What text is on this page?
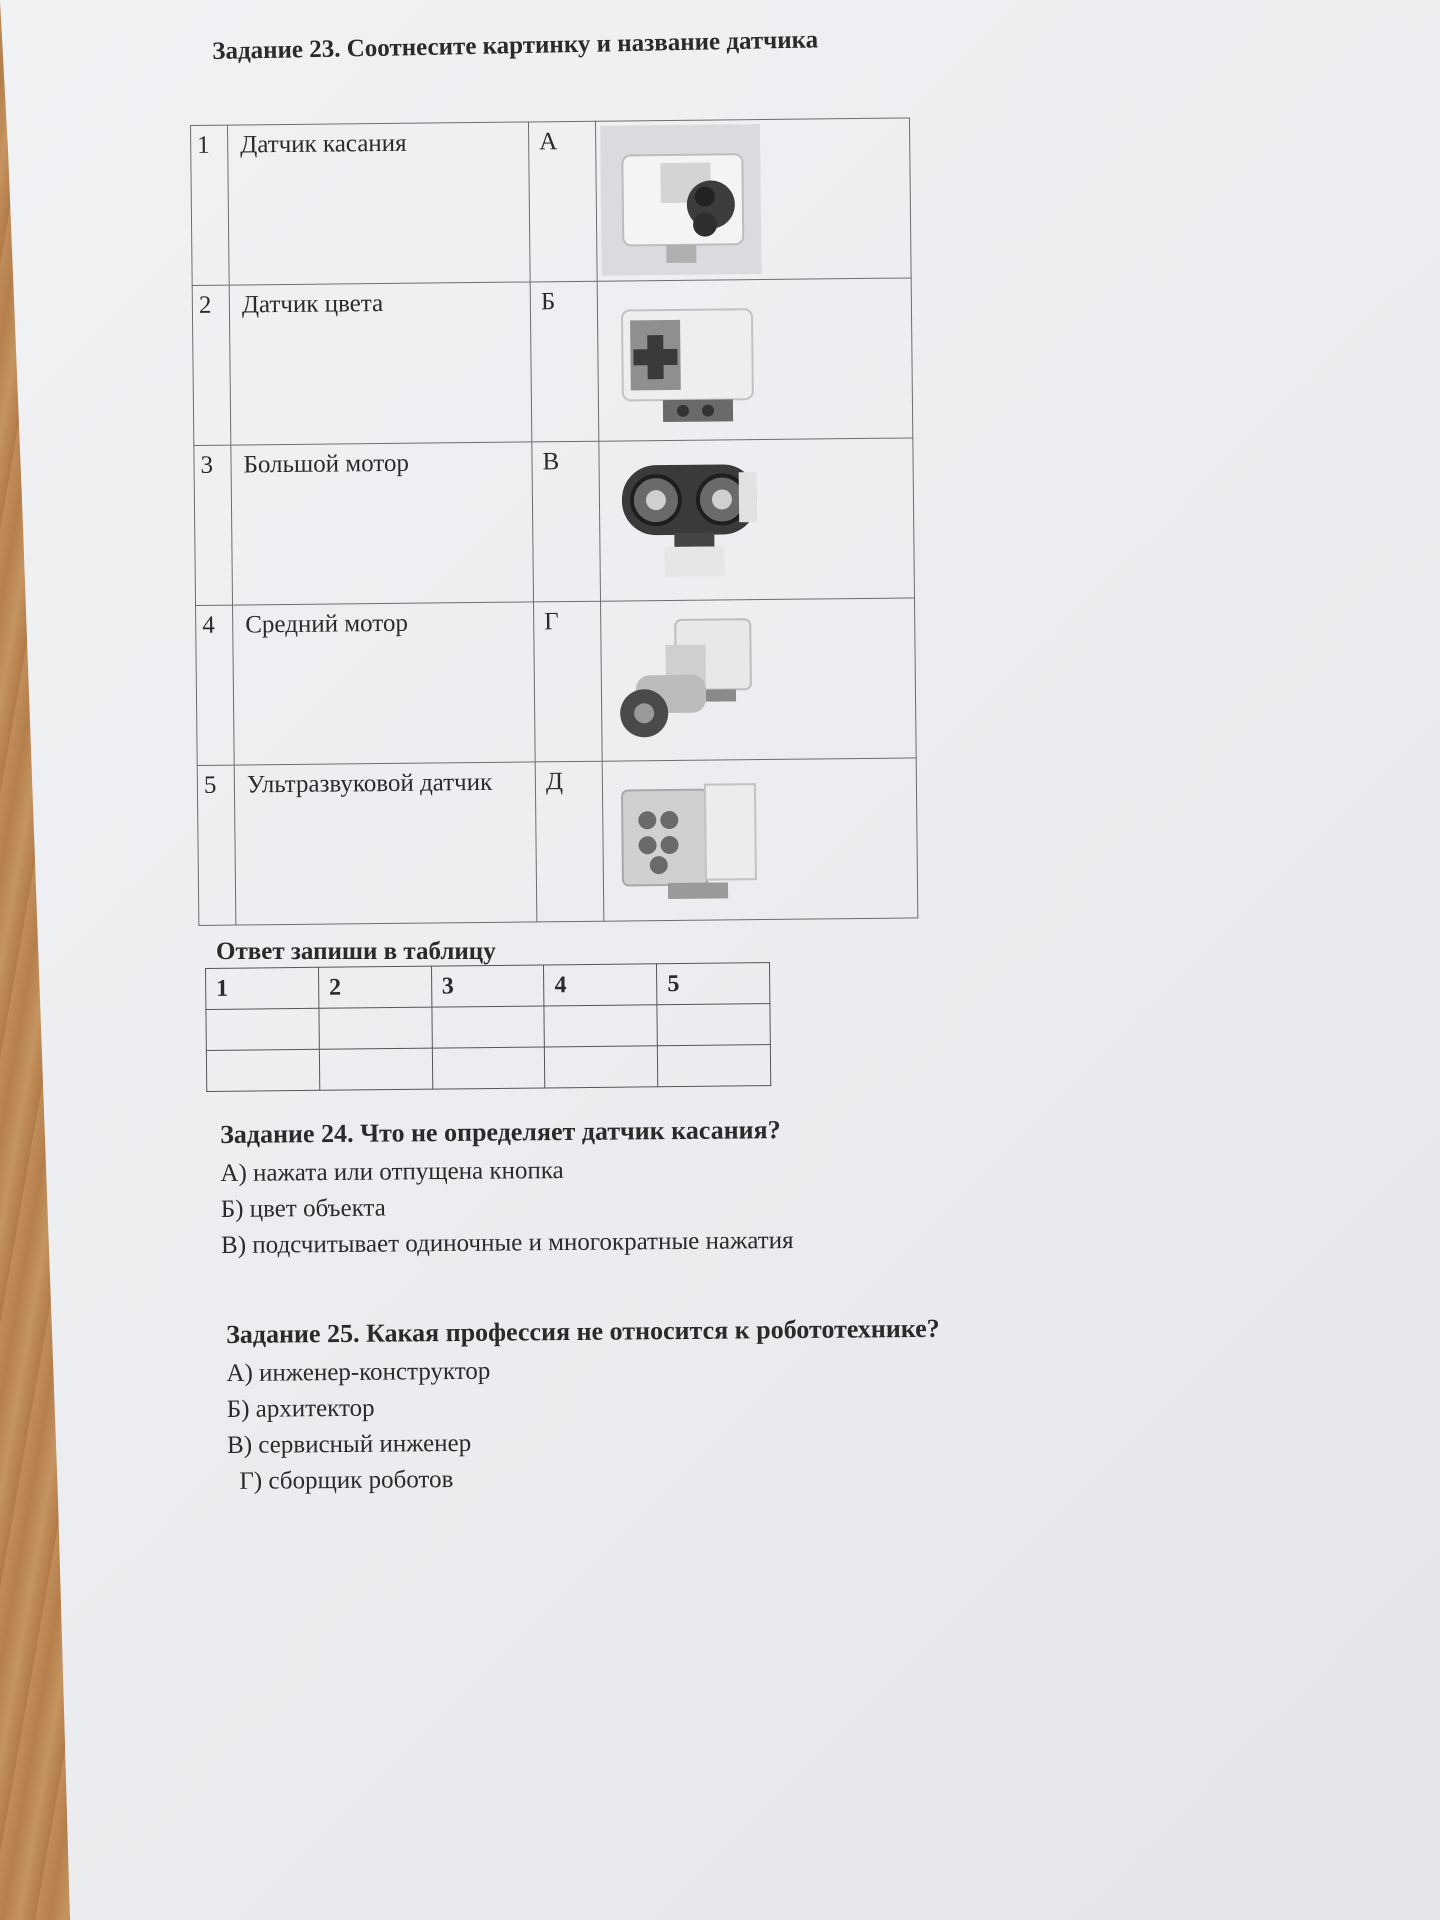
Задание 23. Соотнесите картинку и название датчика
1	Датчик касания	А	

2	Датчик цвета	Б	

3	Большой мотор	В	

4	Средний мотор	Г	

5	Ультразвуковой датчик	Д	
Ответ запиши в таблицу
1	2	3	4	5

Задание 24. Что не определяет датчик касания?
А) нажата или отпущена кнопка
Б) цвет объекта
В) подсчитывает одиночные и многократные нажатия
Задание 25. Какая профессия не относится к робототехнике?
А) инженер-конструктор
Б) архитектор
В) сервисный инженер
Г) сборщик роботов
